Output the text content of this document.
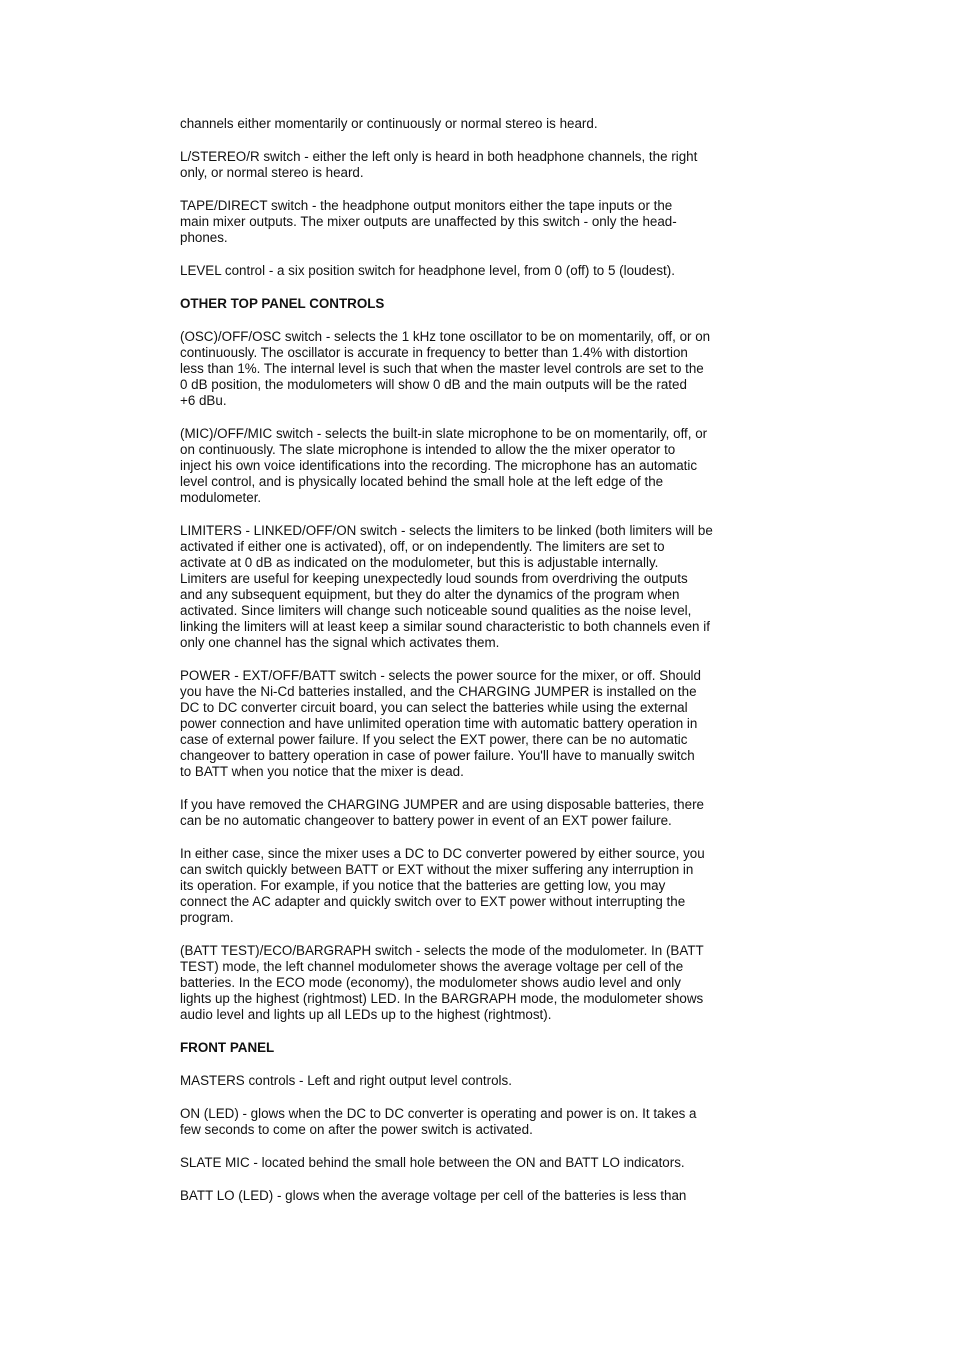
channels either momentarily or continuously or normal stereo is heard.

L/STEREO/R switch - either the left only is heard in both headphone channels, the right
only, or normal stereo is heard.

TAPE/DIRECT switch - the headphone output monitors either the tape inputs or the
main mixer outputs. The mixer outputs are unaffected by this switch - only the head-
phones.

LEVEL control - a six position switch for headphone level, from 0 (off) to 5 (loudest).

OTHER TOP PANEL CONTROLS

(OSC)/OFF/OSC switch - selects the 1 kHz tone oscillator to be on momentarily, off, or on
continuously. The oscillator is accurate in frequency to better than 1.4% with distortion
less than 1%. The internal level is such that when the master level controls are set to the
0 dB position, the modulometers will show 0 dB and the main outputs will be the rated
+6 dBu.

(MIC)/OFF/MIC switch - selects the built-in slate microphone to be on momentarily, off, or
on continuously. The slate microphone is intended to allow the the mixer operator to
inject his own voice identifications into the recording. The microphone has an automatic
level control, and is physically located behind the small hole at the left edge of the
modulometer.

LIMITERS - LINKED/OFF/ON switch - selects the limiters to be linked (both limiters will be
activated if either one is activated), off, or on independently. The limiters are set to
activate at 0 dB as indicated on the modulometer, but this is adjustable internally.
Limiters are useful for keeping unexpectedly loud sounds from overdriving the outputs
and any subsequent equipment, but they do alter the dynamics of the program when
activated. Since limiters will change such noticeable sound qualities as the noise level,
linking the limiters will at least keep a similar sound characteristic to both channels even if
only one channel has the signal which activates them.

POWER - EXT/OFF/BATT switch - selects the power source for the mixer, or off. Should
you have the Ni-Cd batteries installed, and the CHARGING JUMPER is installed on the
DC to DC converter circuit board, you can select the batteries while using the external
power connection and have unlimited operation time with automatic battery operation in
case of external power failure. If you select the EXT power, there can be no automatic
changeover to battery operation in case of power failure. You'll have to manually switch
to BATT when you notice that the mixer is dead.

If you have removed the CHARGING JUMPER and are using disposable batteries, there
can be no automatic changeover to battery power in event of an EXT power failure.

In either case, since the mixer uses a DC to DC converter powered by either source, you
can switch quickly between BATT or EXT without the mixer suffering any interruption in
its operation. For example, if you notice that the batteries are getting low, you may
connect the AC adapter and quickly switch over to EXT power without interrupting the
program.

(BATT TEST)/ECO/BARGRAPH switch - selects the mode of the modulometer. In (BATT
TEST) mode, the left channel modulometer shows the average voltage per cell of the
batteries. In the ECO mode (economy), the modulometer shows audio level and only
lights up the highest (rightmost) LED. In the BARGRAPH mode, the modulometer shows
audio level and lights up all LEDs up to the highest (rightmost).

FRONT PANEL

MASTERS controls - Left and right output level controls.

ON (LED) - glows when the DC to DC converter is operating and power is on. It takes a
few seconds to come on after the power switch is activated.

SLATE MIC - located behind the small hole between the ON and BATT LO indicators.

BATT LO (LED) - glows when the average voltage per cell of the batteries is less than
